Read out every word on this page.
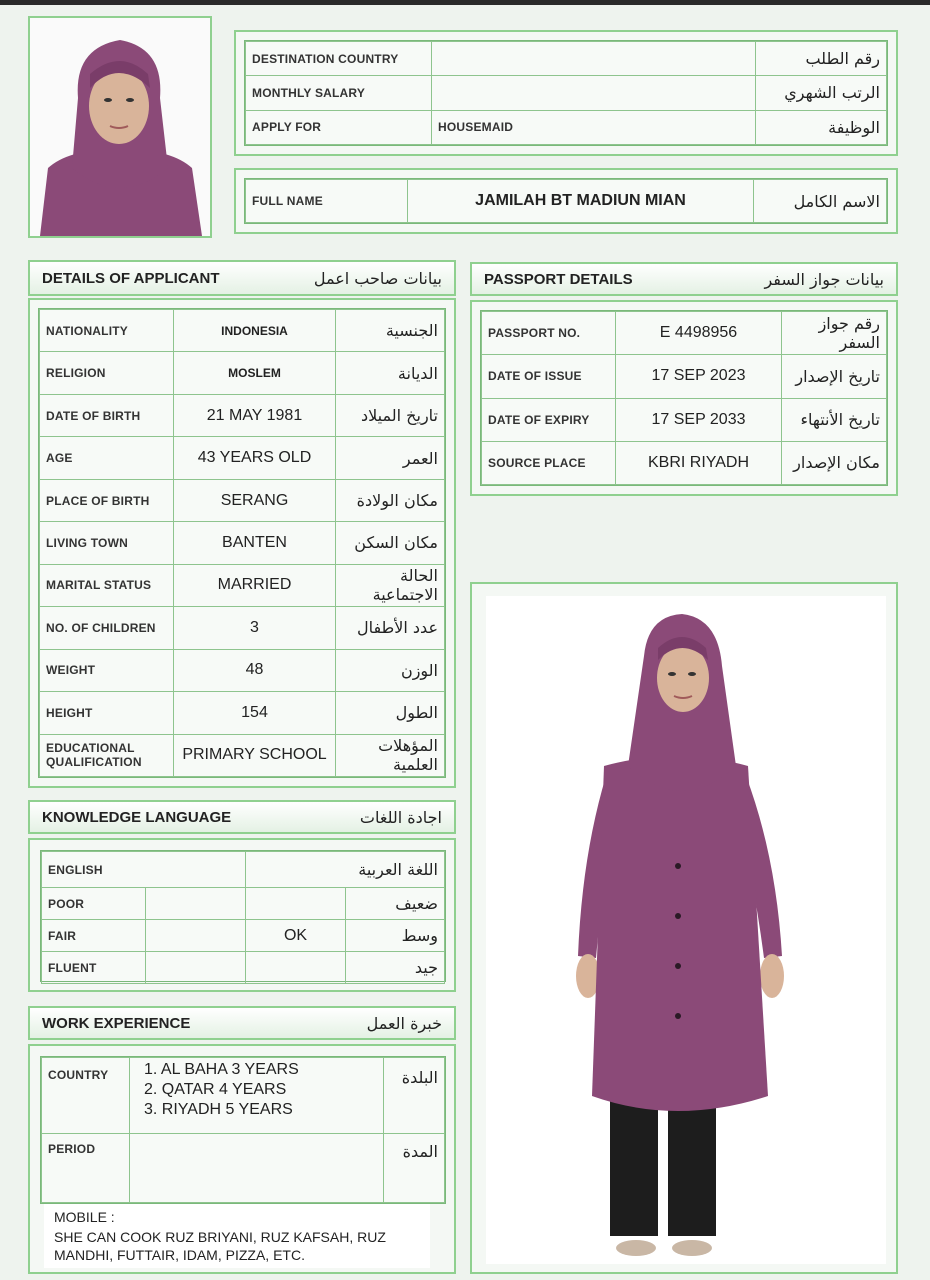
DESTINATION COUNTRY		رقم الطلب
MONTHLY SALARY		الرتب الشهري
APPLY FOR	HOUSEMAID	الوظيفة
FULL NAME	JAMILAH BT MADIUN MIAN	الاسم الكامل
DETAILS OF APPLICANT	بيانات صاحب اعمل
NATIONALITY	INDONESIA	الجنسية
RELIGION	MOSLEM	الديانة
DATE OF BIRTH	21 MAY 1981	تاريخ الميلاد
AGE	43 YEARS OLD	العمر
PLACE OF BIRTH	SERANG	مكان الولادة
LIVING TOWN	BANTEN	مكان السكن
MARITAL STATUS	MARRIED	الحالة الاجتماعية
NO. OF CHILDREN	3	عدد الأطفال
WEIGHT	48	الوزن
HEIGHT	154	الطول
EDUCATIONAL QUALIFICATION	PRIMARY SCHOOL	المؤهلات العلمية
PASSPORT DETAILS	بيانات جواز السفر
PASSPORT NO.	E 4498956	رقم جواز السفر
DATE OF ISSUE	17 SEP 2023	تاريخ الإصدار
DATE OF EXPIRY	17 SEP 2033	تاريخ الأنتهاء
SOURCE PLACE	KBRI RIYADH	مكان الإصدار
KNOWLEDGE LANGUAGE	اجادة اللغات
ENGLISH		اللغة العربية	
POOR			ضعيف
FAIR		OK	وسط
FLUENT			جيد
WORK EXPERIENCE	خبرة العمل
COUNTRY	1. AL BAHA 3 YEARS
2. QATAR 4 YEARS
3. RIYADH 5 YEARS	البلدة
PERIOD		المدة
MOBILE :
SHE CAN COOK RUZ BRIYANI, RUZ KAFSAH, RUZ MANDHI, FUTTAIR, IDAM, PIZZA, ETC.
